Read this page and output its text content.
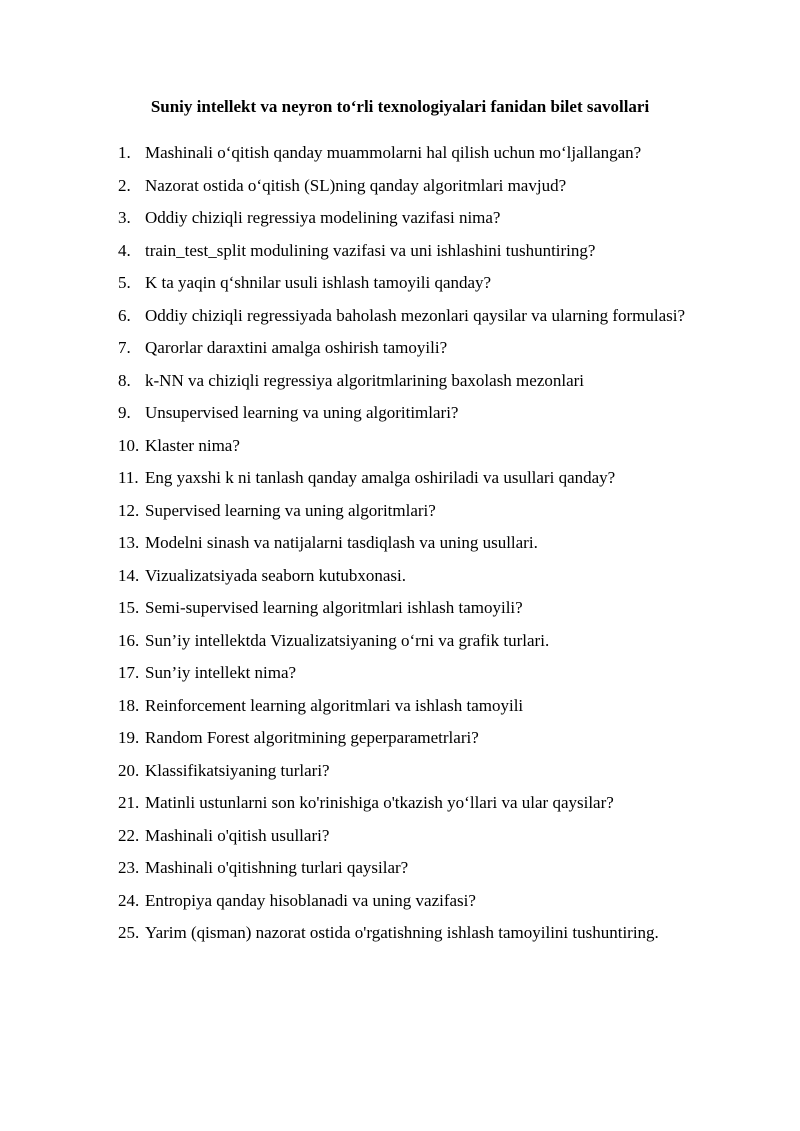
Suniy intellekt va neyron to‘rli texnologiyalari fanidan bilet savollari
1. Mashinali o‘qitish qanday muammolarni hal qilish uchun mo‘ljallangan?
2. Nazorat ostida o‘qitish (SL)ning qanday algoritmlari mavjud?
3. Oddiy chiziqli regressiya modelining vazifasi nima?
4. train_test_split modulining vazifasi va uni ishlashini tushuntiring?
5. K ta yaqin q‘shnilar usuli ishlash tamoyili qanday?
6. Oddiy chiziqli regressiyada baholash mezonlari qaysilar va ularning formulasi?
7. Qarorlar daraxtini amalga oshirish tamoyili?
8. k-NN va chiziqli regressiya algoritmlarining baxolash mezonlari
9. Unsupervised learning va uning algoritimlari?
10. Klaster nima?
11. Eng yaxshi k ni tanlash qanday amalga oshiriladi va usullari qanday?
12. Supervised learning va uning algoritmlari?
13. Modelni sinash va natijalarni tasdiqlash va uning usullari.
14. Vizualizatsiyada seaborn kutubxonasi.
15. Semi-supervised learning algoritmlari ishlash tamoyili?
16. Sun’iy intellektda Vizualizatsiyaning o‘rni va grafik turlari.
17. Sun’iy intellekt nima?
18. Reinforcement learning algoritmlari va ishlash tamoyili
19. Random Forest algoritmining geperparametrlari?
20. Klassifikatsiyaning turlari?
21. Matinli ustunlarni son ko'rinishiga o'tkazish yo‘llari va ular qaysilar?
22. Mashinali o'qitish usullari?
23. Mashinali o'qitishning turlari qaysilar?
24. Entropiya qanday hisoblanadi va uning vazifasi?
25. Yarim (qisman) nazorat ostida o'rgatishning ishlash tamoyilini tushuntiring.
